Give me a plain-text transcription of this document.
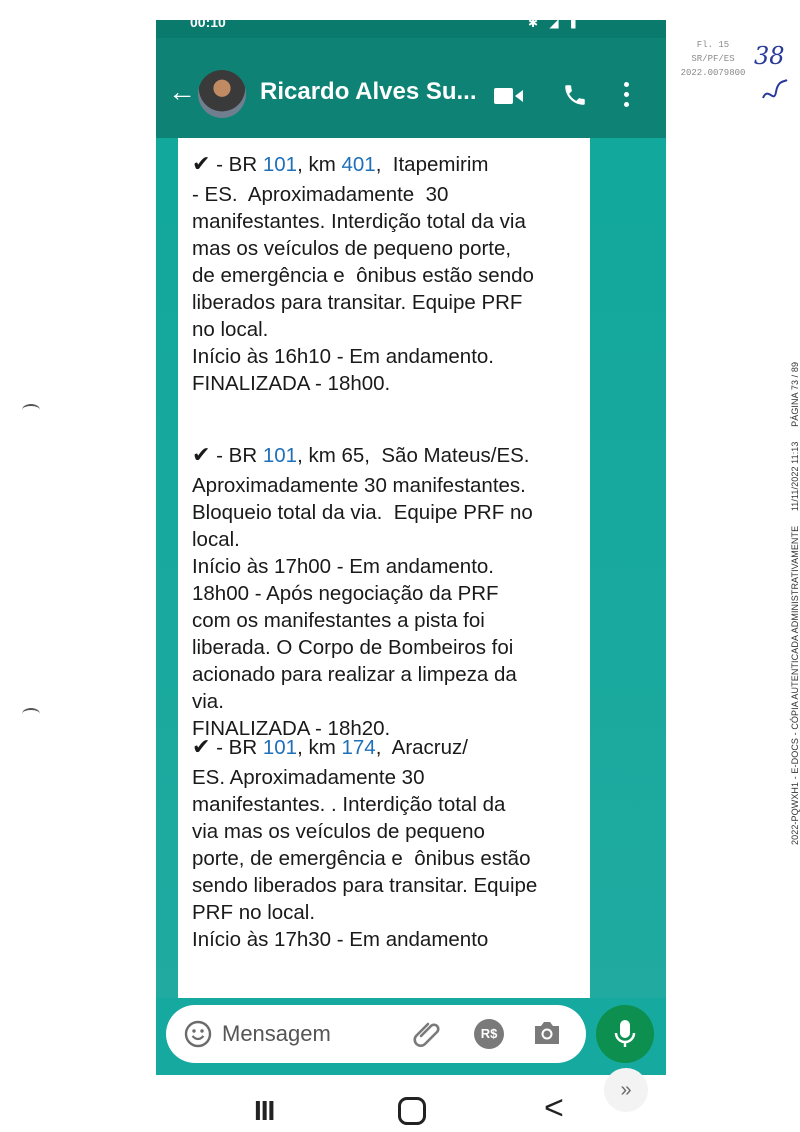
Fl. 15
SR/PF/ES
2022.0079800
38
2022-PQWXH1 - E-DOCS - CÓPIA AUTENTICADA ADMINISTRATIVAMENTE 11/11/2022 11:13 PÁGINA 73 / 89
00:10	✱ ◢ ▮
←	Ricardo Alves Su...
✔ - BR 101, km 401,  Itapemirim
- ES.  Aproximadamente  30
manifestantes. Interdição total da via
mas os veículos de pequeno porte,
de emergência e  ônibus estão sendo
liberados para transitar. Equipe PRF
no local.
Início às 16h10 - Em andamento.
FINALIZADA - 18h00.
✔ - BR 101, km 65,  São Mateus/ES.
Aproximadamente 30 manifestantes.
Bloqueio total da via.  Equipe PRF no
local.
Início às 17h00 - Em andamento.
18h00 - Após negociação da PRF
com os manifestantes a pista foi
liberada. O Corpo de Bombeiros foi
acionado para realizar a limpeza da
via.
FINALIZADA - 18h20.
✔ - BR 101, km 174,  Aracruz/
ES. Aproximadamente 30
manifestantes. . Interdição total da
via mas os veículos de pequeno
porte, de emergência e  ônibus estão
sendo liberados para transitar. Equipe
PRF no local.
Início às 17h30 - Em andamento
»
Mensagem
R$
III	<
